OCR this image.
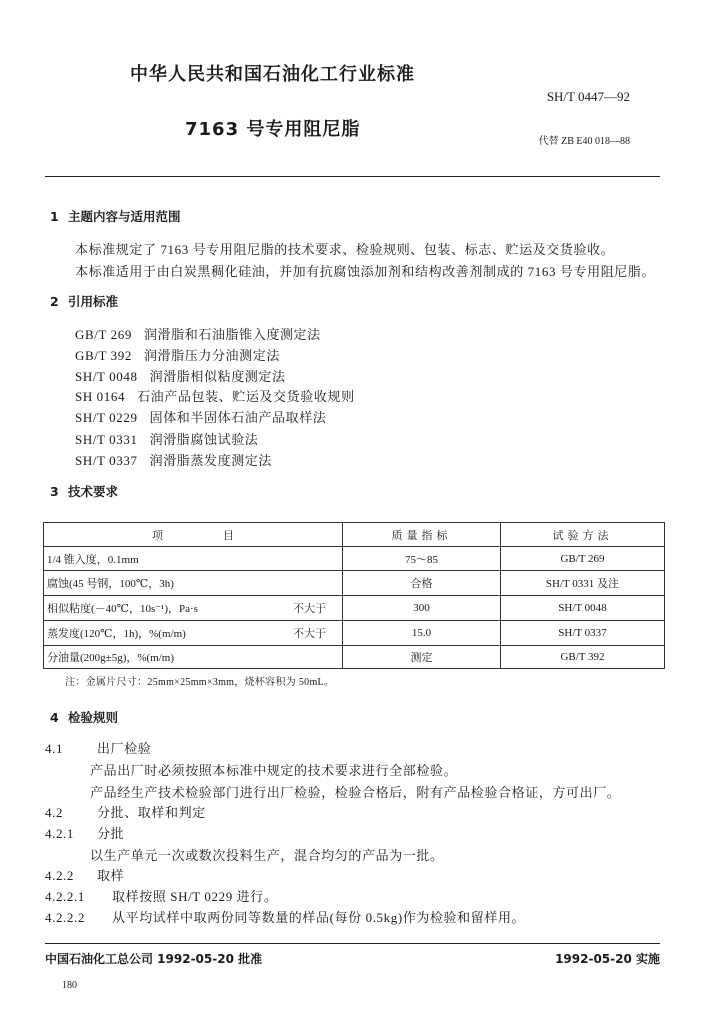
中华人民共和国石油化工行业标准
SH/T 0447—92
7163 号专用阻尼脂
代替 ZB E40 018—88
1 主题内容与适用范围
本标准规定了 7163 号专用阻尼脂的技术要求、检验规则、包装、标志、贮运及交货验收。
本标准适用于由白炭黑稠化硅油，并加有抗腐蚀添加剂和结构改善剂制成的 7163 号专用阻尼脂。
2 引用标准
GB/T 269 润滑脂和石油脂锥入度测定法
GB/T 392 润滑脂压力分油测定法
SH/T 0048 润滑脂相似粘度测定法
SH 0164 石油产品包装、贮运及交货验收规则
SH/T 0229 固体和半固体石油产品取样法
SH/T 0331 润滑脂腐蚀试验法
SH/T 0337 润滑脂蒸发度测定法
3 技术要求
项目	质量指标	试验方法

1/4 锥入度，0.1mm	75～85	GB/T 269

腐蚀(45 号钢，100℃，3h)	合格	SH/T 0331 及注

相似粘度(－40℃，10s⁻¹)，Pa·s 不大于	300	SH/T 0048

蒸发度(120℃，1h)，%(m/m) 不大于	15.0	SH/T 0337

分油量(200g±5g)，%(m/m)	测定	GB/T 392
注：金属片尺寸：25mm×25mm×3mm，烧杯容积为 50mL。
4 检验规则
4.1	出厂检验
产品出厂时必须按照本标准中规定的技术要求进行全部检验。
产品经生产技术检验部门进行出厂检验，检验合格后，附有产品检验合格证，方可出厂。
4.2	分批、取样和判定
4.2.1 分批
以生产单元一次或数次投料生产，混合均匀的产品为一批。
4.2.2 取样
4.2.2.1 取样按照 SH/T 0229 进行。
4.2.2.2 从平均试样中取两份同等数量的样品(每份 0.5kg)作为检验和留样用。
中国石油化工总公司 1992-05-20 批准	1992-05-20 实施
180
